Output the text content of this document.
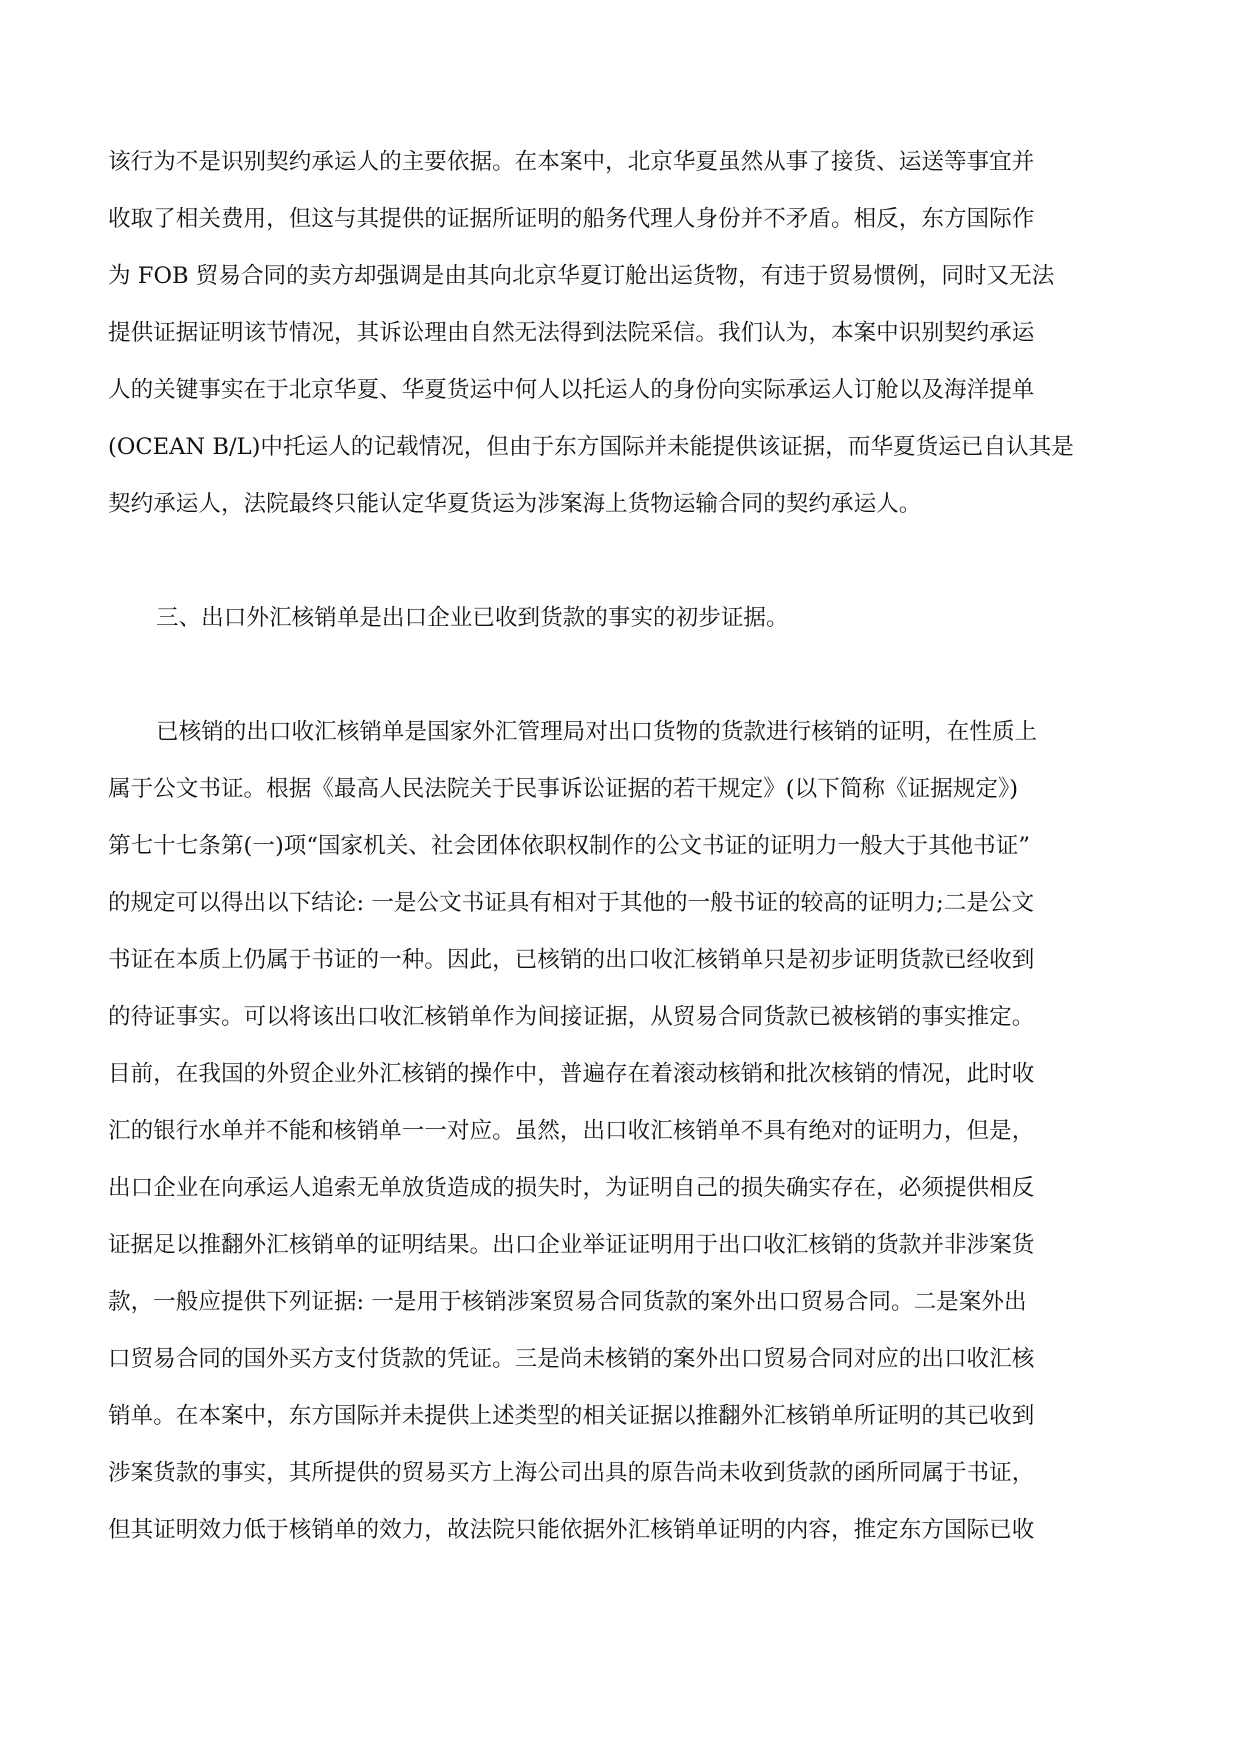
该行为不是识别契约承运人的主要依据。在本案中，北京华夏虽然从事了接货、运送等事宜并
收取了相关费用，但这与其提供的证据所证明的船务代理人身份并不矛盾。相反，东方国际作
为 FOB 贸易合同的卖方却强调是由其向北京华夏订舱出运货物，有违于贸易惯例，同时又无法
提供证据证明该节情况，其诉讼理由自然无法得到法院采信。我们认为，本案中识别契约承运
人的关键事实在于北京华夏、华夏货运中何人以托运人的身份向实际承运人订舱以及海洋提单
(OCEAN B/L)中托运人的记载情况，但由于东方国际并未能提供该证据，而华夏货运已自认其是
契约承运人，法院最终只能认定华夏货运为涉案海上货物运输合同的契约承运人。
三、出口外汇核销单是出口企业已收到货款的事实的初步证据。
已核销的出口收汇核销单是国家外汇管理局对出口货物的货款进行核销的证明，在性质上
属于公文书证。根据《最高人民法院关于民事诉讼证据的若干规定》(以下简称《证据规定》)
第七十七条第(一)项“国家机关、社会团体依职权制作的公文书证的证明力一般大于其他书证”
的规定可以得出以下结论: 一是公文书证具有相对于其他的一般书证的较高的证明力;二是公文
书证在本质上仍属于书证的一种。因此，已核销的出口收汇核销单只是初步证明货款已经收到
的待证事实。可以将该出口收汇核销单作为间接证据，从贸易合同货款已被核销的事实推定。
目前，在我国的外贸企业外汇核销的操作中，普遍存在着滚动核销和批次核销的情况，此时收
汇的银行水单并不能和核销单一一对应。虽然，出口收汇核销单不具有绝对的证明力，但是，
出口企业在向承运人追索无单放货造成的损失时，为证明自己的损失确实存在，必须提供相反
证据足以推翻外汇核销单的证明结果。出口企业举证证明用于出口收汇核销的货款并非涉案货
款，一般应提供下列证据: 一是用于核销涉案贸易合同货款的案外出口贸易合同。二是案外出
口贸易合同的国外买方支付货款的凭证。三是尚未核销的案外出口贸易合同对应的出口收汇核
销单。在本案中，东方国际并未提供上述类型的相关证据以推翻外汇核销单所证明的其已收到
涉案货款的事实，其所提供的贸易买方上海公司出具的原告尚未收到货款的函所同属于书证，
但其证明效力低于核销单的效力，故法院只能依据外汇核销单证明的内容，推定东方国际已收
